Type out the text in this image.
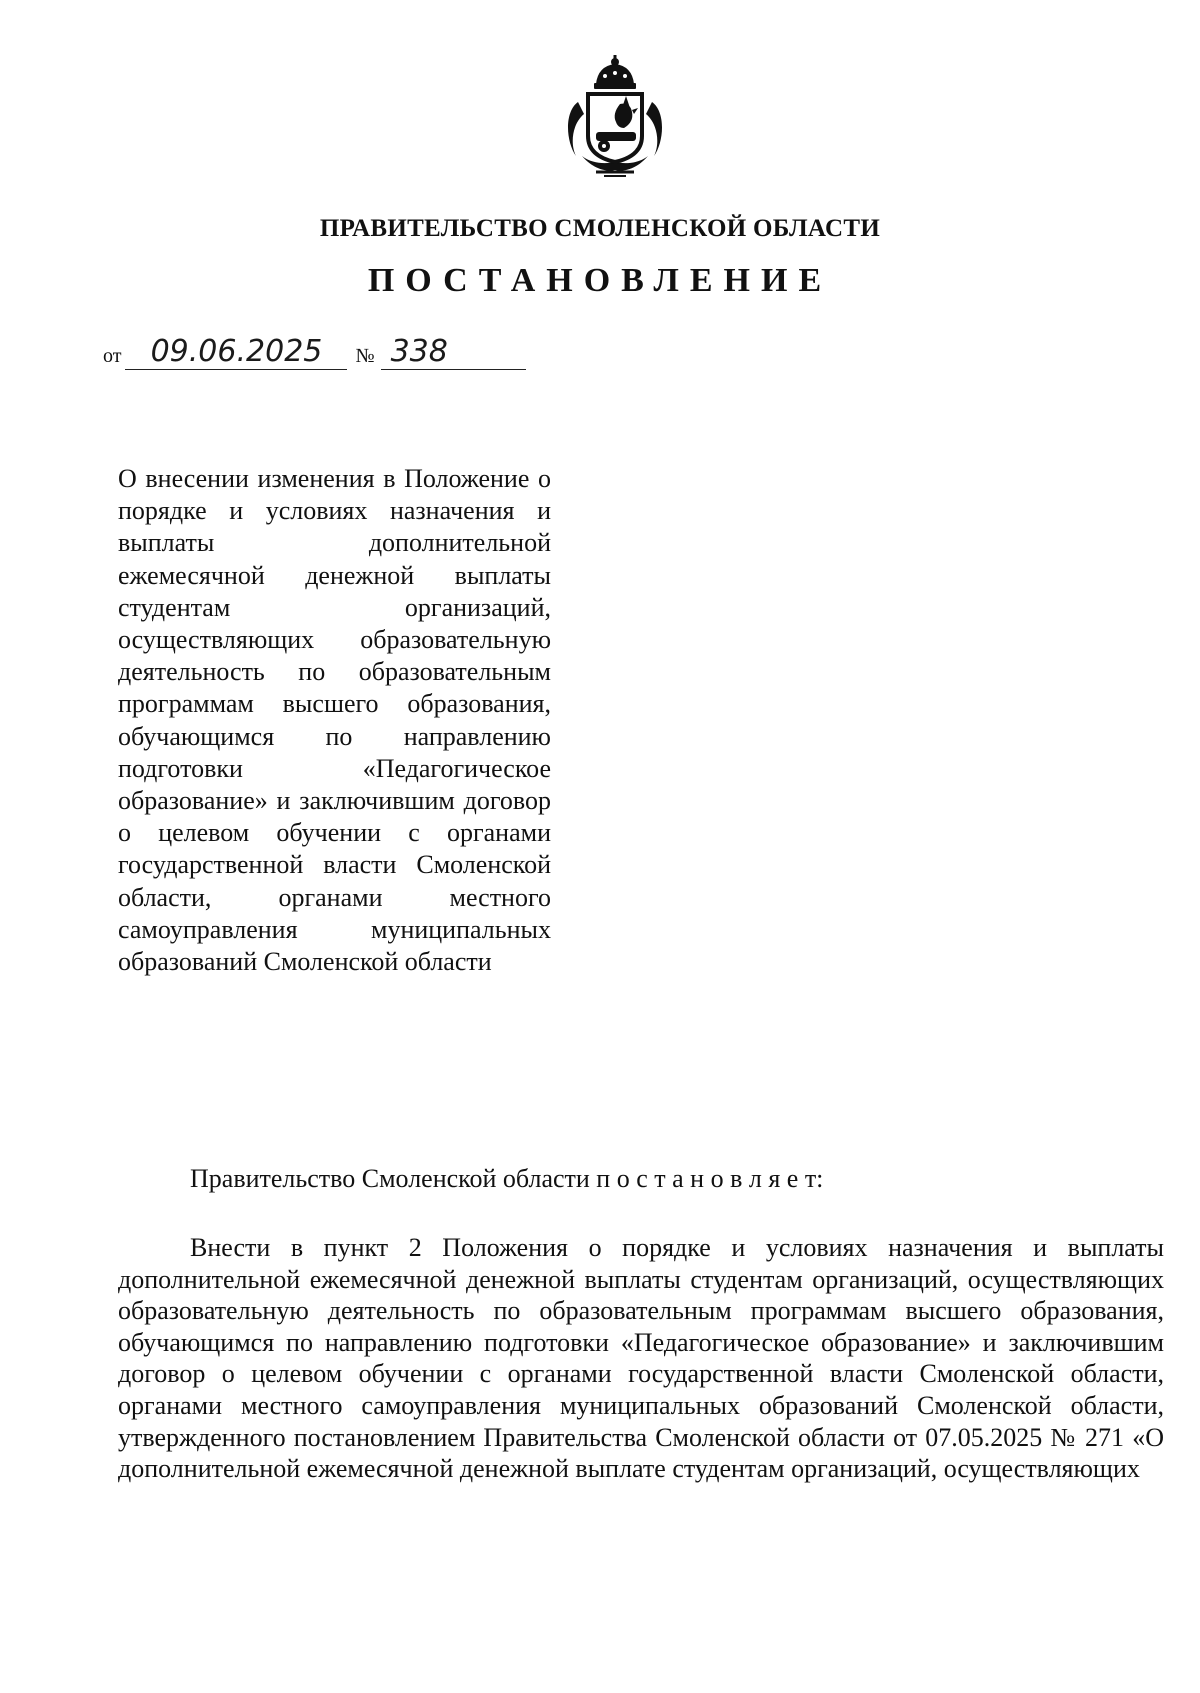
ПРАВИТЕЛЬСТВО СМОЛЕНСКОЙ ОБЛАСТИ
ПОСТАНОВЛЕНИЕ
от 09.06.2025	№ 338
О внесении изменения в Положение о порядке и условиях назначения и выплаты дополнительной ежемесячной денежной выплаты студентам организаций, осуществляющих образовательную деятельность по образовательным программам высшего образования, обучающимся по направлению подготовки «Педагогическое образование» и заключившим договор о целевом обучении с органами государственной власти Смоленской области, органами местного самоуправления муниципальных образований Смоленской области
Правительство Смоленской области п о с т а н о в л я е т:
Внести в пункт 2 Положения о порядке и условиях назначения и выплаты дополнительной ежемесячной денежной выплаты студентам организаций, осуществляющих образовательную деятельность по образовательным программам высшего образования, обучающимся по направлению подготовки «Педагогическое образование» и заключившим договор о целевом обучении с органами государственной власти Смоленской области, органами местного самоуправления муниципальных образований Смоленской области, утвержденного постановлением Правительства Смоленской области от 07.05.2025 № 271 «О дополнительной ежемесячной денежной выплате студентам организаций, осуществляющих
